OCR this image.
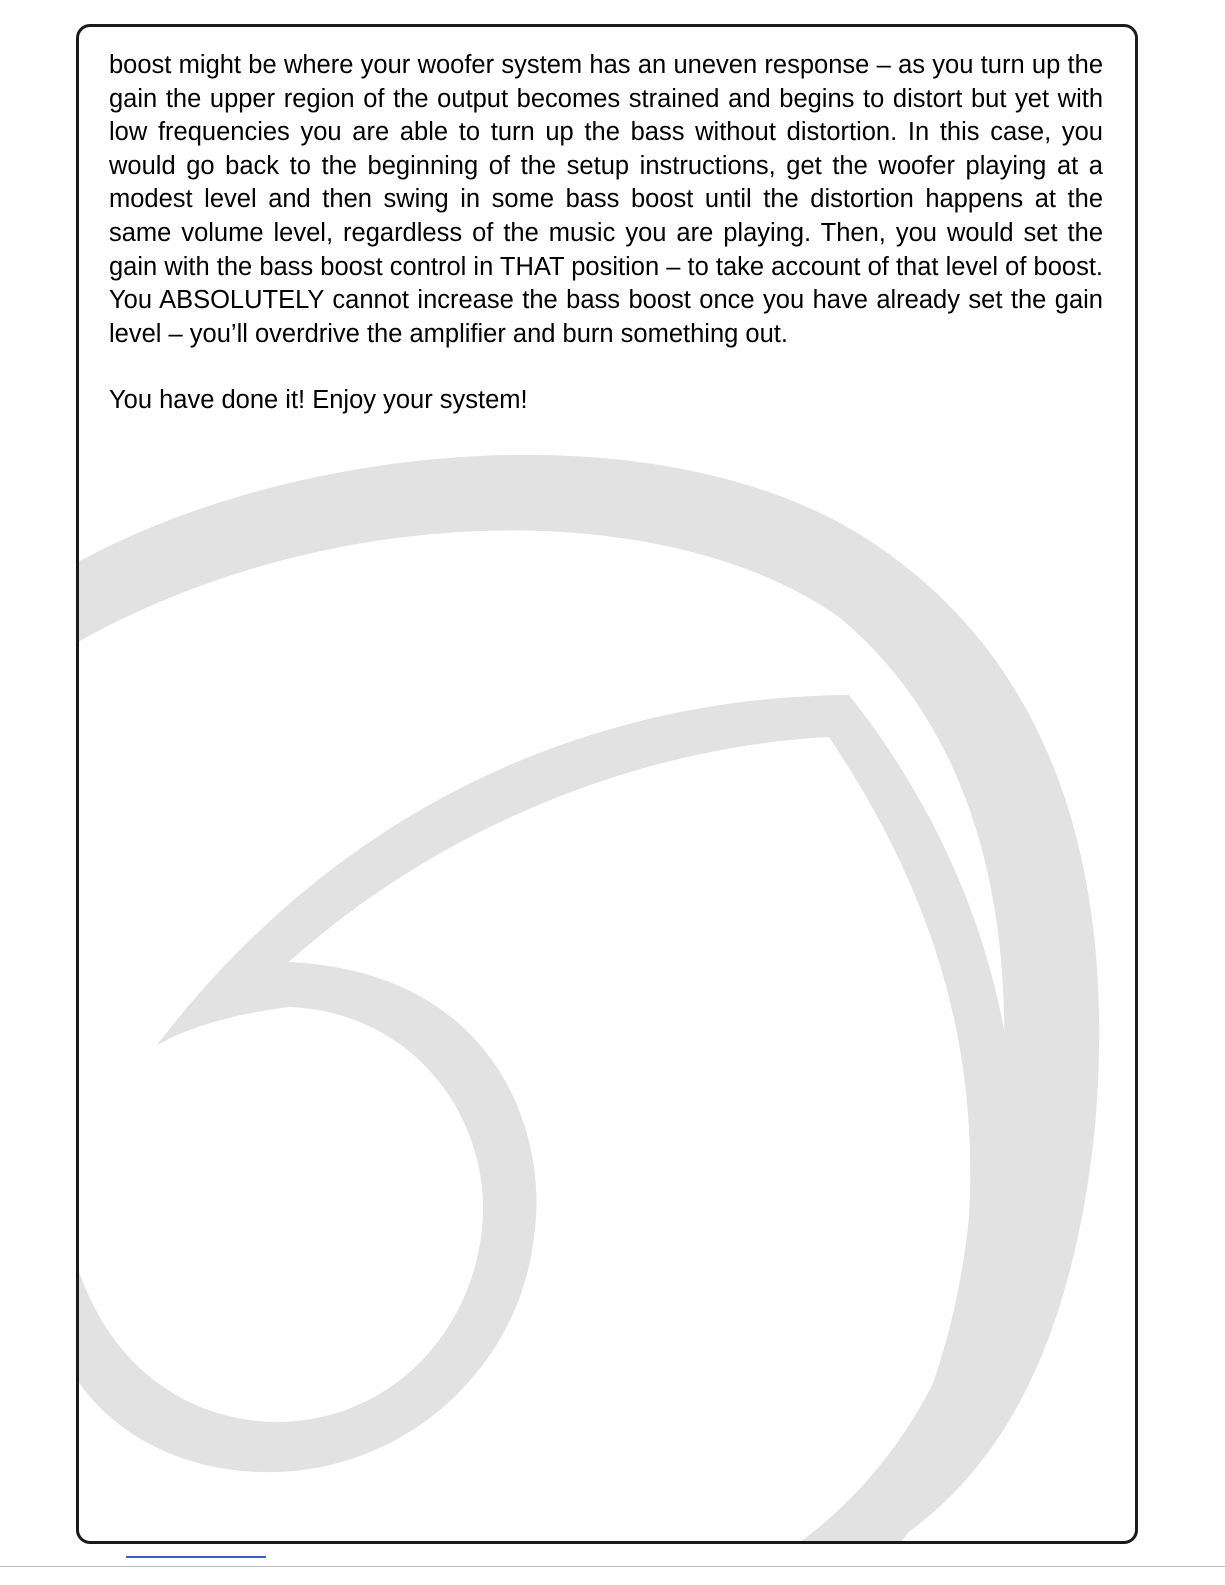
boost might be where your woofer system has an uneven response – as you turn up the gain the upper region of the output becomes strained and begins to distort but yet with low frequencies you are able to turn up the bass without distortion. In this case, you would go back to the beginning of the setup instructions, get the woofer playing at a modest level and then swing in some bass boost until the distortion happens at the same volume level, regardless of the music you are playing. Then, you would set the gain with the bass boost control in THAT position – to take account of that level of boost. You ABSOLUTELY cannot increase the bass boost once you have already set the gain level – you’ll overdrive the amplifier and burn something out.

You have done it! Enjoy your system!
